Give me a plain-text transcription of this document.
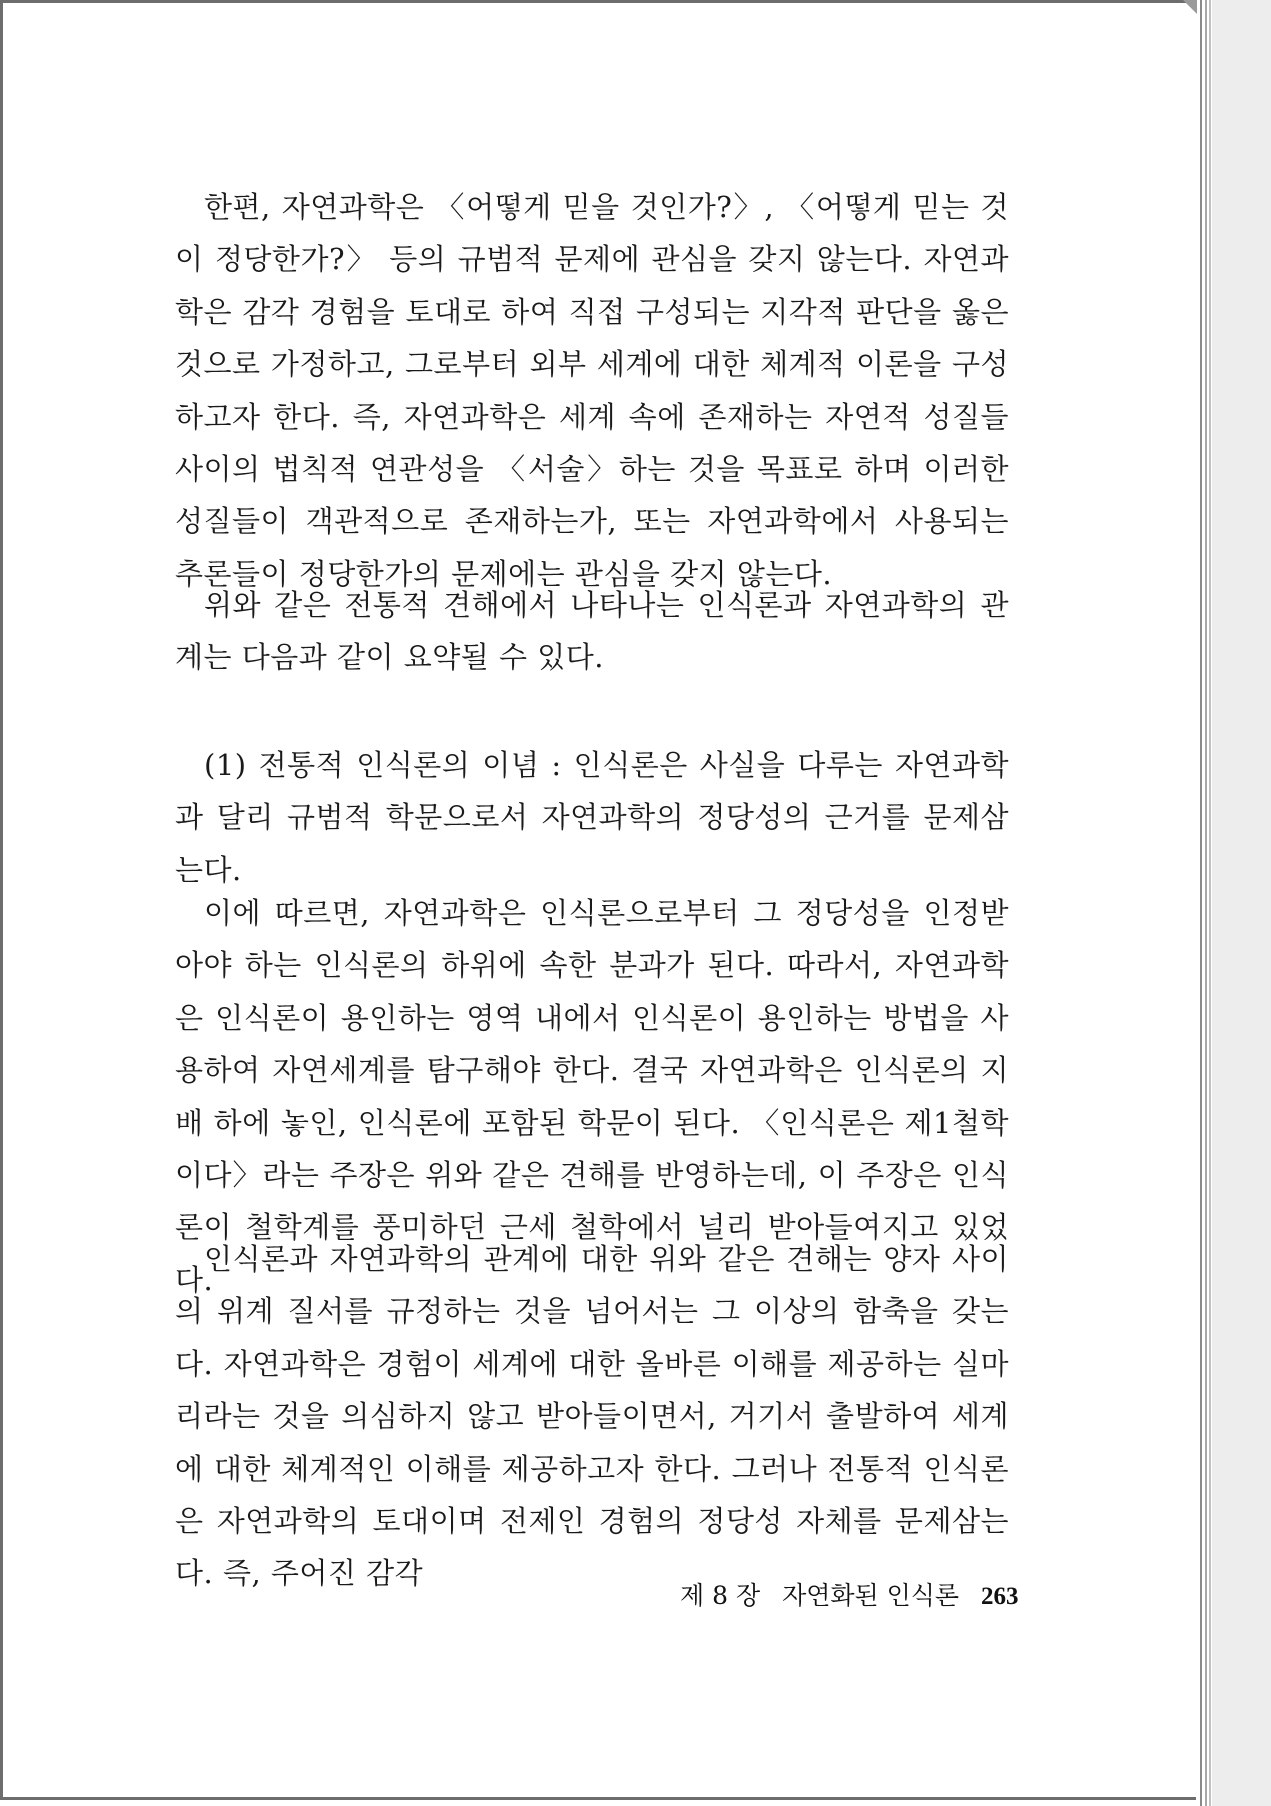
한편, 자연과학은 〈어떻게 믿을 것인가?〉, 〈어떻게 믿는 것이 정당한가?〉 등의 규범적 문제에 관심을 갖지 않는다. 자연과학은 감각 경험을 토대로 하여 직접 구성되는 지각적 판단을 옳은 것으로 가정하고, 그로부터 외부 세계에 대한 체계적 이론을 구성하고자 한다. 즉, 자연과학은 세계 속에 존재하는 자연적 성질들 사이의 법칙적 연관성을 〈서술〉하는 것을 목표로 하며 이러한 성질들이 객관적으로 존재하는가, 또는 자연과학에서 사용되는 추론들이 정당한가의 문제에는 관심을 갖지 않는다.

위와 같은 전통적 견해에서 나타나는 인식론과 자연과학의 관계는 다음과 같이 요약될 수 있다.

(1) 전통적 인식론의 이념 : 인식론은 사실을 다루는 자연과학과 달리 규범적 학문으로서 자연과학의 정당성의 근거를 문제삼는다.

이에 따르면, 자연과학은 인식론으로부터 그 정당성을 인정받아야 하는 인식론의 하위에 속한 분과가 된다. 따라서, 자연과학은 인식론이 용인하는 영역 내에서 인식론이 용인하는 방법을 사용하여 자연세계를 탐구해야 한다. 결국 자연과학은 인식론의 지배 하에 놓인, 인식론에 포함된 학문이 된다. 〈인식론은 제1철학이다〉라는 주장은 위와 같은 견해를 반영하는데, 이 주장은 인식론이 철학계를 풍미하던 근세 철학에서 널리 받아들여지고 있었다.

인식론과 자연과학의 관계에 대한 위와 같은 견해는 양자 사이의 위계 질서를 규정하는 것을 넘어서는 그 이상의 함축을 갖는다. 자연과학은 경험이 세계에 대한 올바른 이해를 제공하는 실마리라는 것을 의심하지 않고 받아들이면서, 거기서 출발하여 세계에 대한 체계적인 이해를 제공하고자 한다. 그러나 전통적 인식론은 자연과학의 토대이며 전제인 경험의 정당성 자체를 문제삼는다. 즉, 주어진 감각

제 8 장 자연화된 인식론 263
